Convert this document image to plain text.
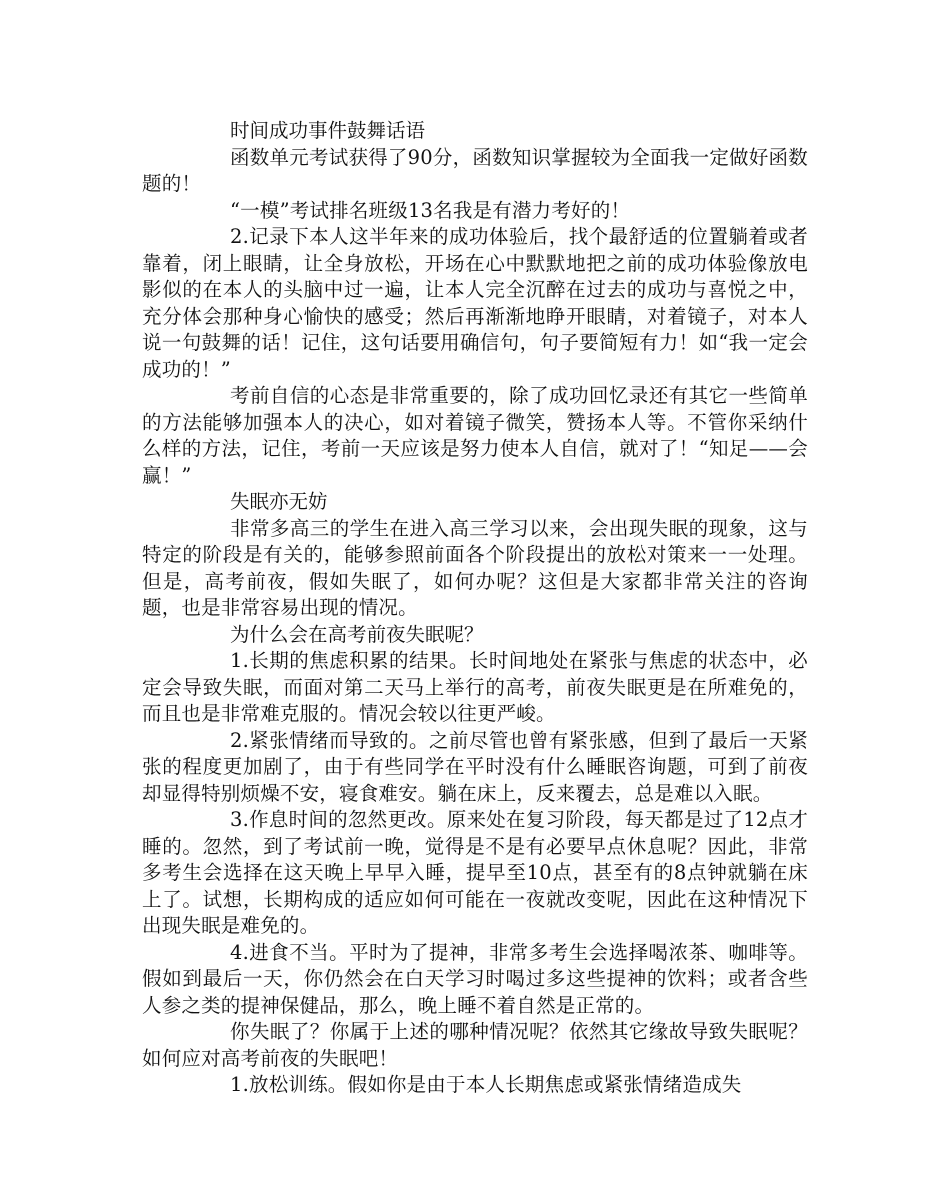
时间成功事件鼓舞话语

函数单元考试获得了90分，函数知识掌握较为全面我一定做好函数题的！

“一模”考试排名班级13名我是有潜力考好的！

2.记录下本人这半年来的成功体验后，找个最舒适的位置躺着或者靠着，闭上眼睛，让全身放松，开场在心中默默地把之前的成功体验像放电影似的在本人的头脑中过一遍，让本人完全沉醉在过去的成功与喜悦之中，充分体会那种身心愉快的感受；然后再渐渐地睁开眼睛，对着镜子，对本人说一句鼓舞的话！记住，这句话要用确信句，句子要简短有力！如“我一定会成功的！”

考前自信的心态是非常重要的，除了成功回忆录还有其它一些简单的方法能够加强本人的决心，如对着镜子微笑，赞扬本人等。不管你采纳什么样的方法，记住，考前一天应该是努力使本人自信，就对了！“知足——会赢！”

失眠亦无妨

非常多高三的学生在进入高三学习以来，会出现失眠的现象，这与特定的阶段是有关的，能够参照前面各个阶段提出的放松对策来一一处理。但是，高考前夜，假如失眠了，如何办呢？这但是大家都非常关注的咨询题，也是非常容易出现的情况。

为什么会在高考前夜失眠呢？

1.长期的焦虑积累的结果。长时间地处在紧张与焦虑的状态中，必定会导致失眠，而面对第二天马上举行的高考，前夜失眠更是在所难免的，而且也是非常难克服的。情况会较以往更严峻。

2.紧张情绪而导致的。之前尽管也曾有紧张感，但到了最后一天紧张的程度更加剧了，由于有些同学在平时没有什么睡眠咨询题，可到了前夜却显得特别烦燥不安，寝食难安。躺在床上，反来覆去，总是难以入眠。

3.作息时间的忽然更改。原来处在复习阶段，每天都是过了12点才睡的。忽然，到了考试前一晚，觉得是不是有必要早点休息呢？因此，非常多考生会选择在这天晚上早早入睡，提早至10点，甚至有的8点钟就躺在床上了。试想，长期构成的适应如何可能在一夜就改变呢，因此在这种情况下出现失眠是难免的。

4.进食不当。平时为了提神，非常多考生会选择喝浓茶、咖啡等。假如到最后一天，你仍然会在白天学习时喝过多这些提神的饮料；或者含些人参之类的提神保健品，那么，晚上睡不着自然是正常的。

你失眠了？你属于上述的哪种情况呢？依然其它缘故导致失眠呢？如何应对高考前夜的失眠吧！

1.放松训练。假如你是由于本人长期焦虑或紧张情绪造成失
